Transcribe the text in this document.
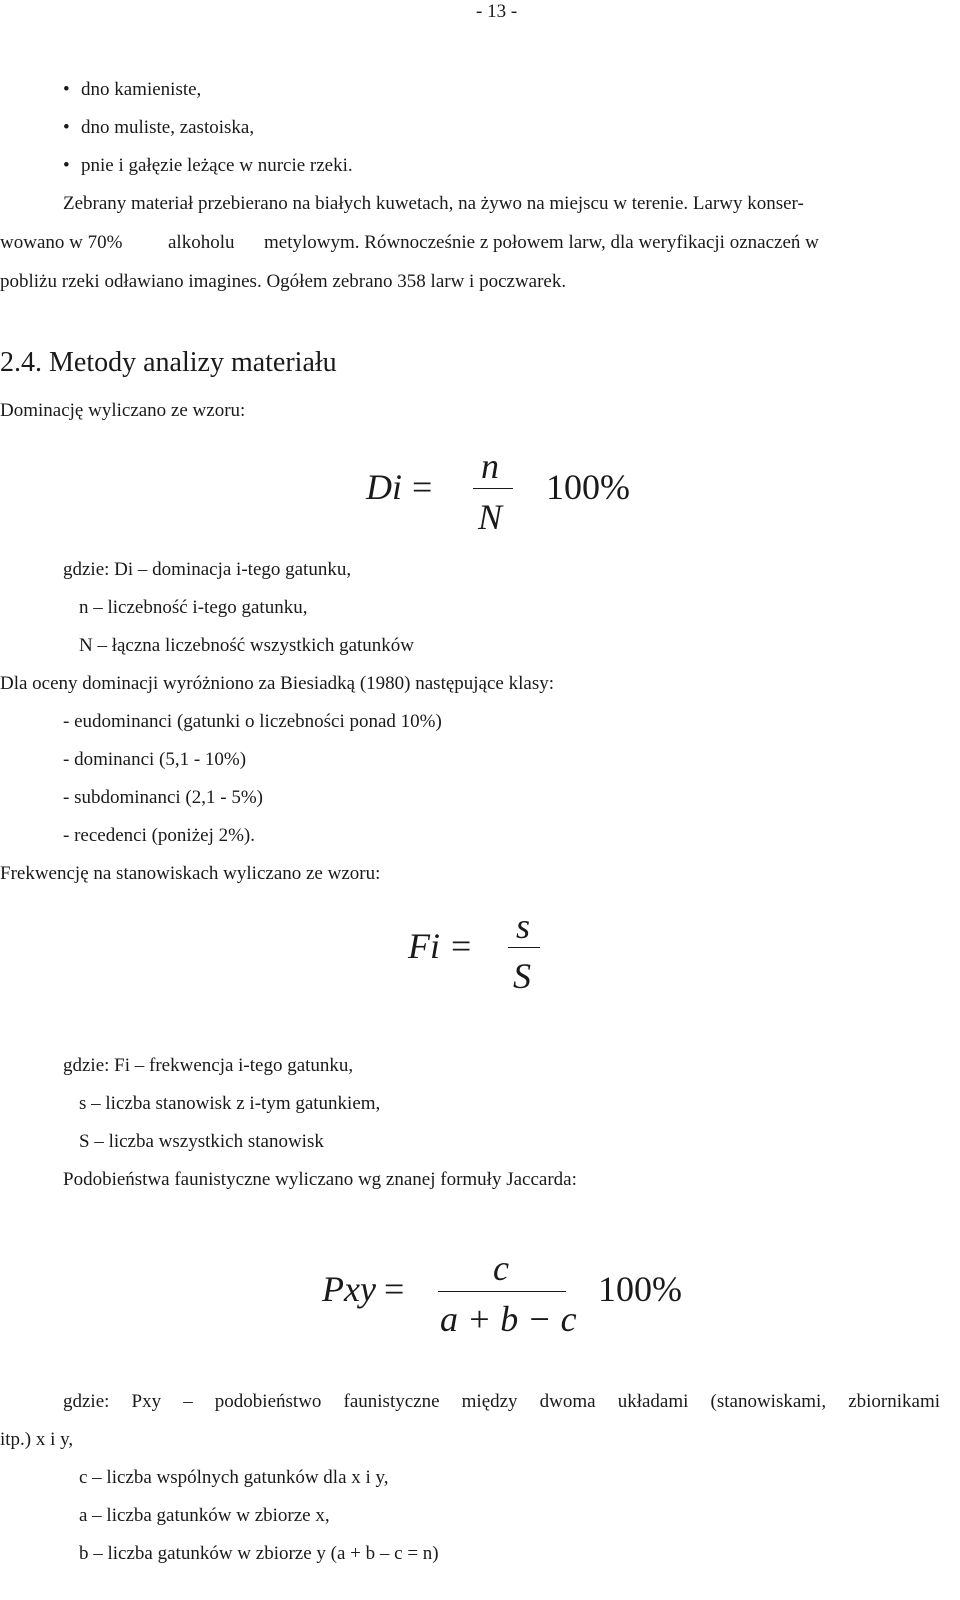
- 13 -
• dno kamieniste,
• dno muliste, zastoiska,
• pnie i gałęzie leżące w nurcie rzeki.
Zebrany materiał przebierano na białych kuwetach, na żywo na miejscu w terenie. Larwy konser-
wowano w 70% alkoholu metylowym. Równocześnie z połowem larw, dla weryfikacji oznaczeń w
pobliżu rzeki odławiano imagines. Ogółem zebrano 358 larw i poczwarek.
2.4. Metody analizy materiału
Dominację wyliczano ze wzoru:
Di =
n
N
100%
gdzie: Di – dominacja i-tego gatunku,
n – liczebność i-tego gatunku,
N – łączna liczebność wszystkich gatunków
Dla oceny dominacji wyróżniono za Biesiadką (1980) następujące klasy:
- eudominanci (gatunki o liczebności ponad 10%)
- dominanci (5,1 - 10%)
- subdominanci (2,1 - 5%)
- recedenci (poniżej 2%).
Frekwencję na stanowiskach wyliczano ze wzoru:
Fi = s
S
gdzie: Fi – frekwencja i-tego gatunku,
s – liczba stanowisk z i-tym gatunkiem,
S – liczba wszystkich stanowisk
Podobieństwa faunistyczne wyliczano wg znanej formuły Jaccarda:
Pxy =
c
a + b − c
100%
gdzie: Pxy – podobieństwo faunistyczne między dwoma układami (stanowiskami, zbiornikami
itp.) x i y,
c – liczba wspólnych gatunków dla x i y,
a – liczba gatunków w zbiorze x,
b – liczba gatunków w zbiorze y (a + b – c = n)
